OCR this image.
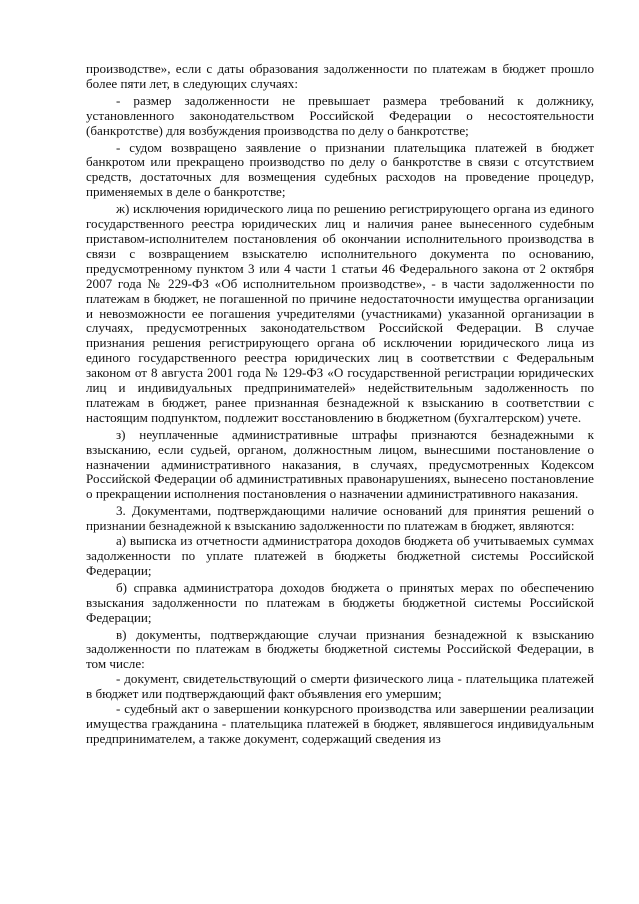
производстве», если с даты образования задолженности по платежам в бюджет прошло более пяти лет, в следующих случаях:

- размер задолженности не превышает размера требований к должнику, установленного законодательством Российской Федерации о несостоятельности (банкротстве) для возбуждения производства по делу о банкротстве;

- судом возвращено заявление о признании плательщика платежей в бюджет банкротом или прекращено производство по делу о банкротстве в связи с отсутствием средств, достаточных для возмещения судебных расходов на проведение процедур, применяемых в деле о банкротстве;

ж) исключения юридического лица по решению регистрирующего органа из единого государственного реестра юридических лиц и наличия ранее вынесенного судебным приставом-исполнителем постановления об окончании исполнительного производства в связи с возвращением взыскателю исполнительного документа по основанию, предусмотренному пунктом 3 или 4 части 1 статьи 46 Федерального закона от 2 октября 2007 года № 229-ФЗ «Об исполнительном производстве», - в части задолженности по платежам в бюджет, не погашенной по причине недостаточности имущества организации и невозможности ее погашения учредителями (участниками) указанной организации в случаях, предусмотренных законодательством Российской Федерации. В случае признания решения регистрирующего органа об исключении юридического лица из единого государственного реестра юридических лиц в соответствии с Федеральным законом от 8 августа 2001 года № 129-ФЗ «О государственной регистрации юридических лиц и индивидуальных предпринимателей» недействительным задолженность по платежам в бюджет, ранее признанная безнадежной к взысканию в соответствии с настоящим подпунктом, подлежит восстановлению в бюджетном (бухгалтерском) учете.

з) неуплаченные административные штрафы признаются безнадежными к взысканию, если судьей, органом, должностным лицом, вынесшими постановление о назначении административного наказания, в случаях, предусмотренных Кодексом Российской Федерации об административных правонарушениях, вынесено постановление о прекращении исполнения постановления о назначении административного наказания.

3. Документами, подтверждающими наличие оснований для принятия решений о признании безнадежной к взысканию задолженности по платежам в бюджет, являются:

а) выписка из отчетности администратора доходов бюджета об учитываемых суммах задолженности по уплате платежей в бюджеты бюджетной системы Российской Федерации;

б) справка администратора доходов бюджета о принятых мерах по обеспечению взыскания задолженности по платежам в бюджеты бюджетной системы Российской Федерации;

в) документы, подтверждающие случаи признания безнадежной к взысканию задолженности по платежам в бюджеты бюджетной системы Российской Федерации, в том числе:

- документ, свидетельствующий о смерти физического лица - плательщика платежей в бюджет или подтверждающий факт объявления его умершим;

- судебный акт о завершении конкурсного производства или завершении реализации имущества гражданина - плательщика платежей в бюджет, являвшегося индивидуальным предпринимателем, а также документ, содержащий сведения из
